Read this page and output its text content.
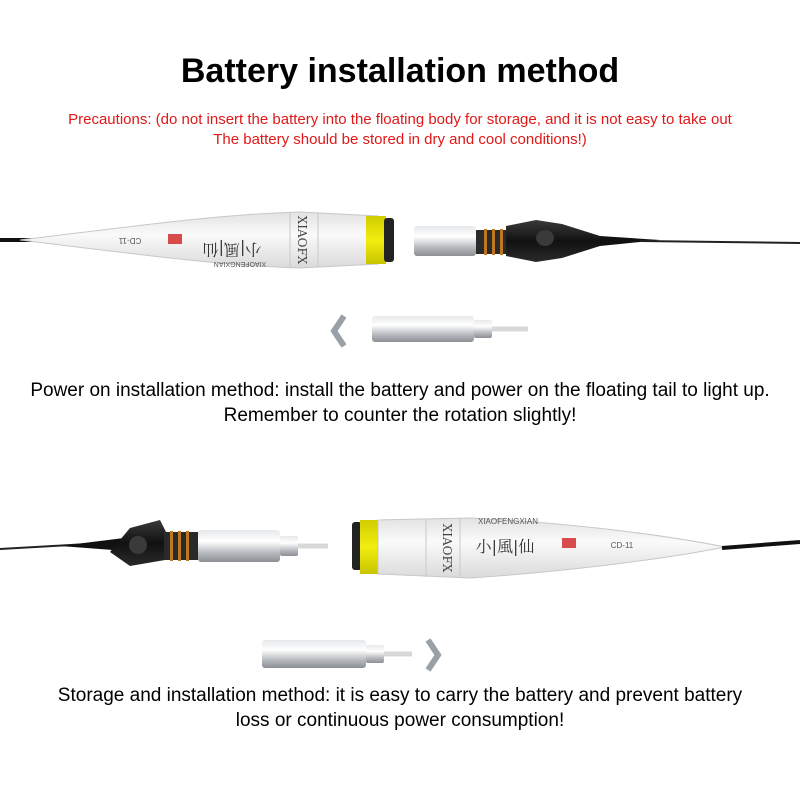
Battery installation method
Precautions: (do not insert the battery into the floating body for storage, and it is not easy to take out
The battery should be stored in dry and cool conditions!)
XIAOFX
XIAOFENGXIAN
小|風|仙
CD-11
XIAOFX
XIAOFENGXIAN
小|風|仙	CD-11
Power on installation method: install the battery and power on the floating tail to light up.
Remember to counter the rotation slightly!
Storage and installation method: it is easy to carry the battery and prevent battery
loss or continuous power consumption!
